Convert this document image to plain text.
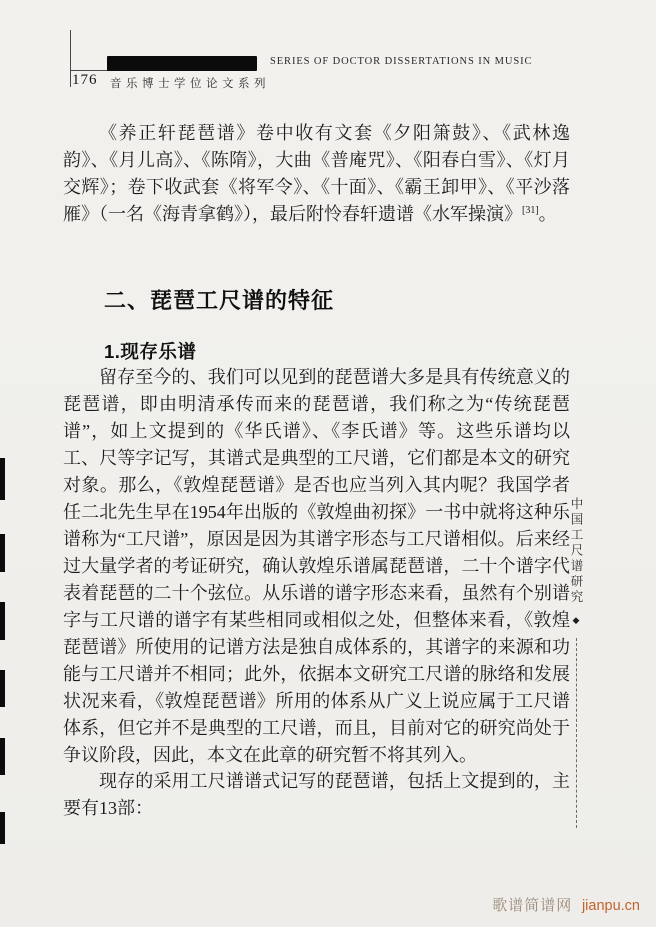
SERIES OF DOCTOR DISSERTATIONS IN MUSIC
176 音乐博士学位论文系列

《养正轩琵琶谱》卷中收有文套《夕阳箫鼓》、《武林逸韵》、《月儿高》、《陈隋》，大曲《普庵咒》、《阳春白雪》、《灯月交辉》；卷下收武套《将军令》、《十面》、《霸王卸甲》、《平沙落雁》（一名《海青拿鹤》），最后附怜春轩遗谱《水军操演》[31]。

二、琵琶工尺谱的特征
1.现存乐谱

留存至今的、我们可以见到的琵琶谱大多是具有传统意义的琵琶谱，即由明清承传而来的琵琶谱，我们称之为“传统琵琶谱”，如上文提到的《华氏谱》、《李氏谱》等。这些乐谱均以工、尺等字记写，其谱式是典型的工尺谱，它们都是本文的研究对象。那么，《敦煌琵琶谱》是否也应当列入其内呢？我国学者任二北先生早在1954年出版的《敦煌曲初探》一书中就将这种乐谱称为“工尺谱”，原因是因为其谱字形态与工尺谱相似。后来经过大量学者的考证研究，确认敦煌乐谱属琵琶谱，二十个谱字代表着琵琶的二十个弦位。从乐谱的谱字形态来看，虽然有个别谱字与工尺谱的谱字有某些相同或相似之处，但整体来看，《敦煌琵琶谱》所使用的记谱方法是独自成体系的，其谱字的来源和功能与工尺谱并不相同；此外，依据本文研究工尺谱的脉络和发展状况来看，《敦煌琵琶谱》所用的体系从广义上说应属于工尺谱体系，但它并不是典型的工尺谱，而且，目前对它的研究尚处于争议阶段，因此，本文在此章的研究暂不将其列入。

现存的采用工尺谱谱式记写的琵琶谱，包括上文提到的，主要有13部：

中国工尺谱研究
◆
歌谱简谱网 jianpu.cn
